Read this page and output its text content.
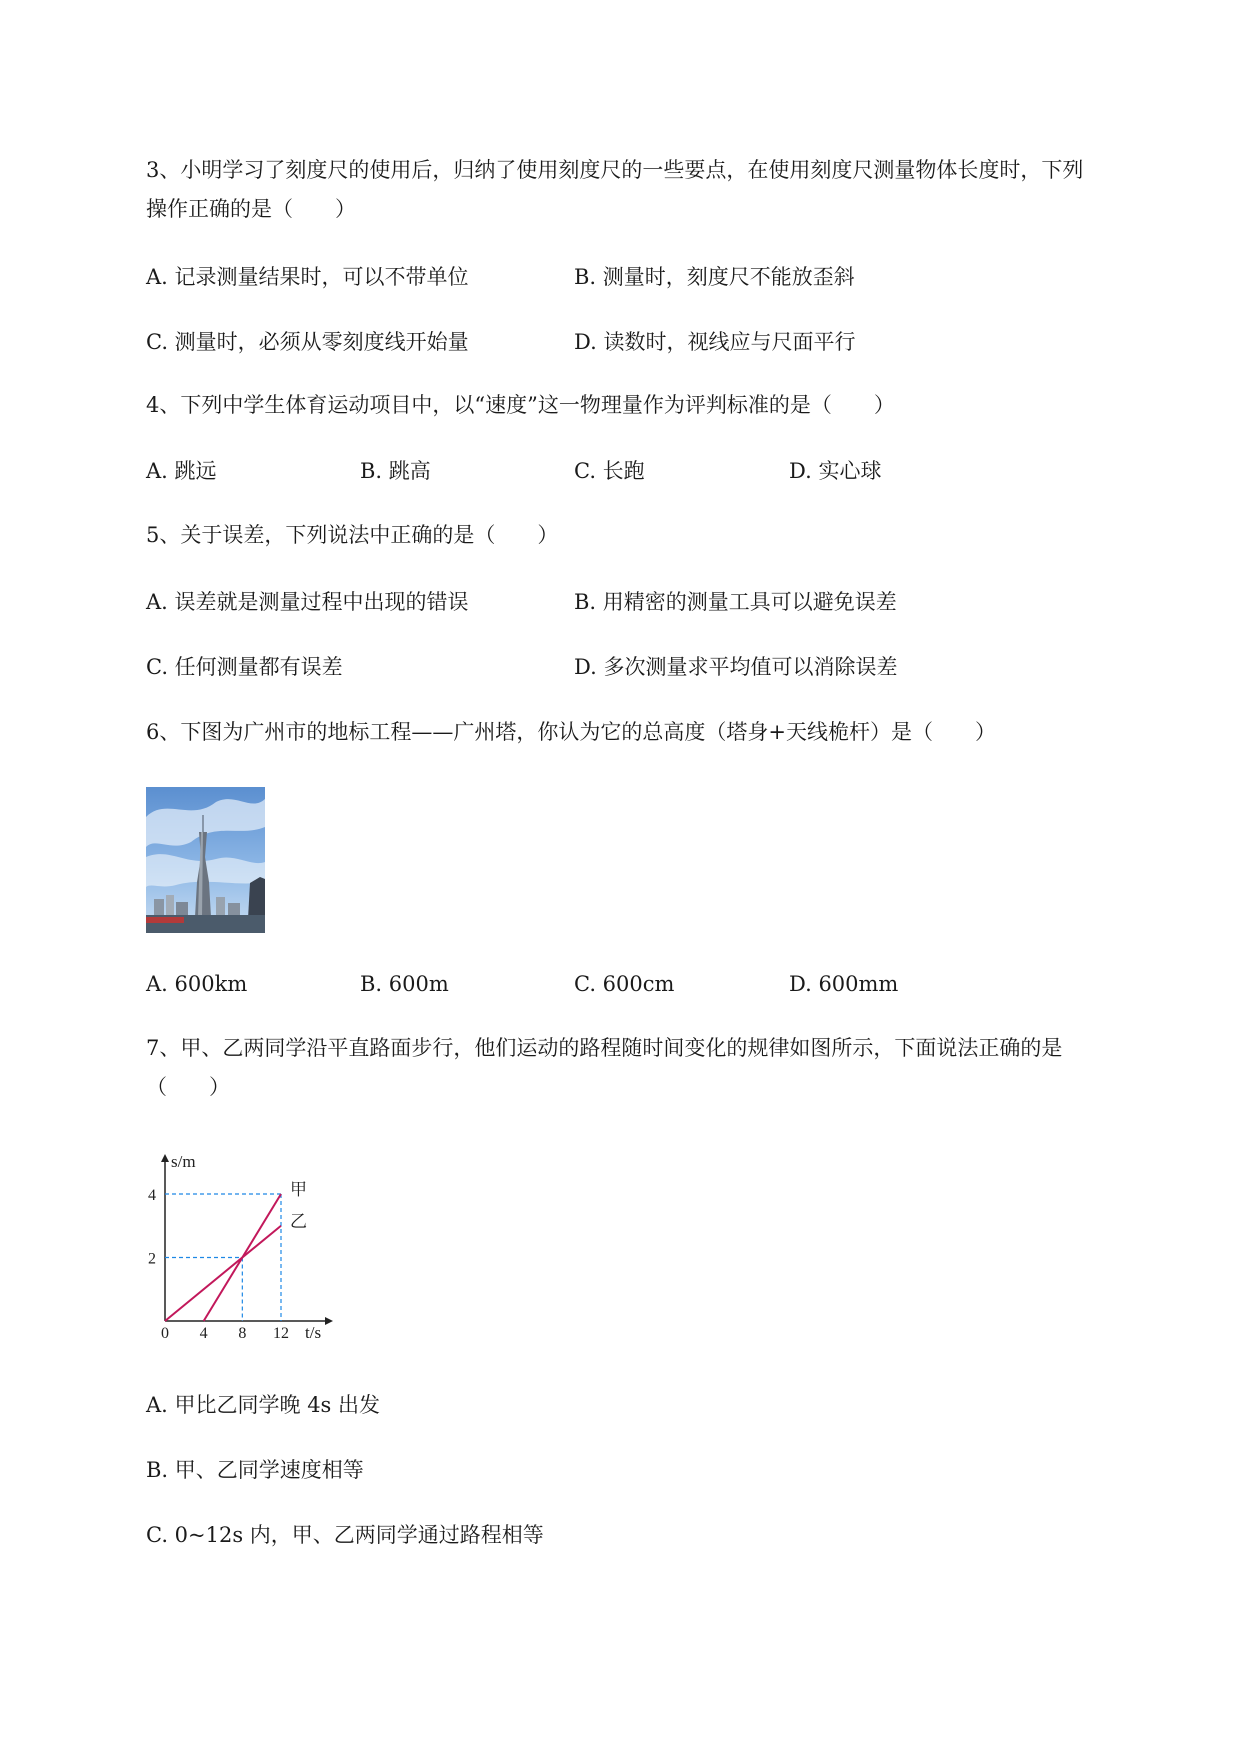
3、小明学习了刻度尺的使用后，归纳了使用刻度尺的一些要点，在使用刻度尺测量物体长度时，下列
操作正确的是（　　）
A. 记录测量结果时，可以不带单位	B. 测量时，刻度尺不能放歪斜
C. 测量时，必须从零刻度线开始量	D. 读数时，视线应与尺面平行
4、下列中学生体育运动项目中，以“速度”这一物理量作为评判标准的是（　　）
A. 跳远	B. 跳高	C. 长跑	D. 实心球
5、关于误差，下列说法中正确的是（　　）
A. 误差就是测量过程中出现的错误	B. 用精密的测量工具可以避免误差
C. 任何测量都有误差	D. 多次测量求平均值可以消除误差
6、下图为广州市的地标工程——广州塔，你认为它的总高度（塔身+天线桅杆）是（　　）
A. 600km	B. 600m	C. 600cm	D. 600mm
7、甲、乙两同学沿平直路面步行，他们运动的路程随时间变化的规律如图所示，下面说法正确的是
（　　）
甲
乙
0 4 8 12
2
4
s/m
t/s
A. 甲比乙同学晚 4s 出发
B. 甲、乙同学速度相等
C. 0~12s 内，甲、乙两同学通过路程相等
